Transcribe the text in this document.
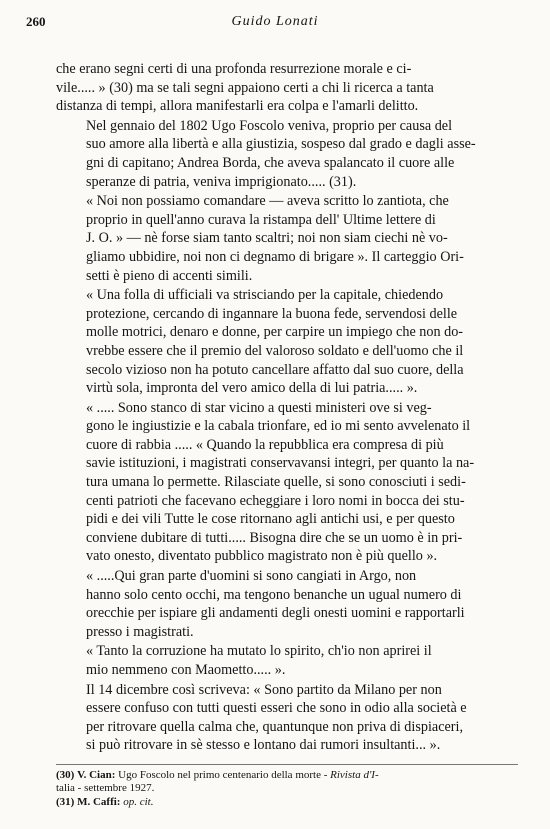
260	Guido Lonati

che erano segni certi di una profonda resurrezione morale e ci-
vile..... » (30) ma se tali segni appaiono certi a chi li ricerca a tanta
distanza di tempi, allora manifestarli era colpa e l'amarli delitto.

Nel gennaio del 1802 Ugo Foscolo veniva, proprio per causa del
suo amore alla libertà e alla giustizia, sospeso dal grado e dagli asse-
gni di capitano; Andrea Borda, che aveva spalancato il cuore alle
speranze di patria, veniva imprigionato..... (31).

« Noi non possiamo comandare — aveva scritto lo zantiota, che
proprio in quell'anno curava la ristampa dell' Ultime lettere di
J. O. » — nè forse siam tanto scaltri; noi non siam ciechi nè vo-
gliamo ubbidire, noi non ci degnamo di brigare ». Il carteggio Ori-
setti è pieno di accenti simili.

« Una folla di ufficiali va strisciando per la capitale, chiedendo
protezione, cercando di ingannare la buona fede, servendosi delle
molle motrici, denaro e donne, per carpire un impiego che non do-
vrebbe essere che il premio del valoroso soldato e dell'uomo che il
secolo vizioso non ha potuto cancellare affatto dal suo cuore, della
virtù sola, impronta del vero amico della di lui patria..... ».

« ..... Sono stanco di star vicino a questi ministeri ove si veg-
gono le ingiustizie e la cabala trionfare, ed io mi sento avvelenato il
cuore di rabbia ..... « Quando la repubblica era compresa di più
savie istituzioni, i magistrati conservavansi integri, per quanto la na-
tura umana lo permette. Rilasciate quelle, si sono conosciuti i sedi-
centi patrioti che facevano echeggiare i loro nomi in bocca dei stu-
pidi e dei vili Tutte le cose ritornano agli antichi usi, e per questo
conviene dubitare di tutti..... Bisogna dire che se un uomo è in pri-
vato onesto, diventato pubblico magistrato non è più quello ».

« .....Qui gran parte d'uomini si sono cangiati in Argo, non
hanno solo cento occhi, ma tengono benanche un ugual numero di
orecchie per ispiare gli andamenti degli onesti uomini e rapportarli
presso i magistrati.

« Tanto la corruzione ha mutato lo spirito, ch'io non aprirei il
mio nemmeno con Maometto..... ».

Il 14 dicembre così scriveva: « Sono partito da Milano per non
essere confuso con tutti questi esseri che sono in odio alla società e
per ritrovare quella calma che, quantunque non priva di dispiaceri,
si può ritrovare in sè stesso e lontano dai rumori insultanti... ».

(30) V. Cian: Ugo Foscolo nel primo centenario della morte - Rivista d'I-
talia - settembre 1927.
(31) M. Caffi: op. cit.
